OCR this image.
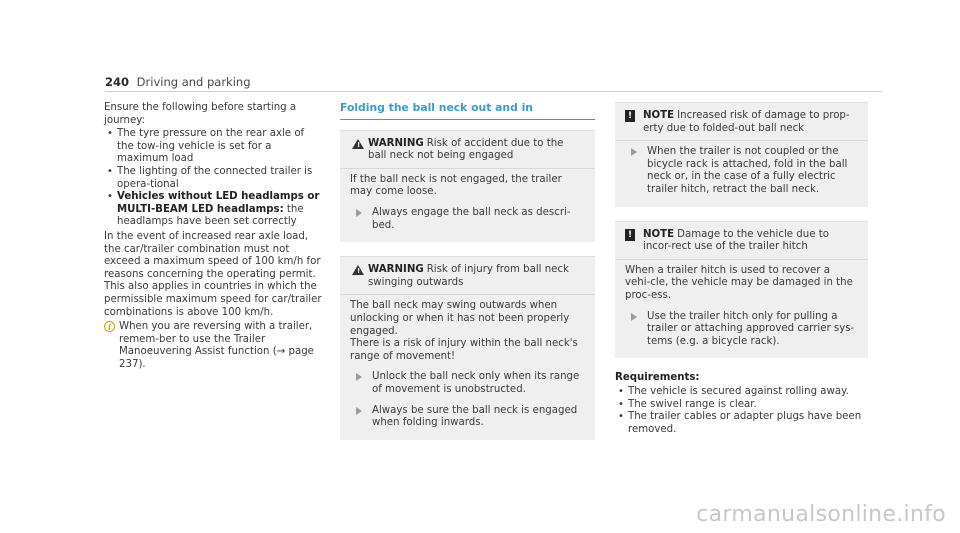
240 Driving and parking

Ensure the following before starting a journey:

• The tyre pressure on the rear axle of the tow-ing vehicle is set for a maximum load
• The lighting of the connected trailer is opera-tional
• Vehicles without LED headlamps or MULTI-BEAM LED headlamps: the headlamps have been set correctly

In the event of increased rear axle load, the car/trailer combination must not exceed a maximum speed of 100 km/h for reasons concerning the operating permit. This also applies in countries in which the permissible maximum speed for car/trailer combinations is above 100 km/h.

i When you are reversing with a trailer, remem-ber to use the Trailer Manoeuvering Assist function (→ page 237).
Folding the ball neck out and in
! WARNING Risk of accident due to the ball neck not being engaged

If the ball neck is not engaged, the trailer may come loose.

Always engage the ball neck as descri-bed.
! WARNING Risk of injury from ball neck swinging outwards

The ball neck may swing outwards when unlocking or when it has not been properly engaged.

There is a risk of injury within the ball neck's range of movement!

Unlock the ball neck only when its range of movement is unobstructed.
Always be sure the ball neck is engaged when folding inwards.
! NOTE Increased risk of damage to prop-erty due to folded-out ball neck
When the trailer is not coupled or the bicycle rack is attached, fold in the ball neck or, in the case of a fully electric trailer hitch, retract the ball neck.
! NOTE Damage to the vehicle due to incor-rect use of the trailer hitch

When a trailer hitch is used to recover a vehi-cle, the vehicle may be damaged in the proc-ess.

Use the trailer hitch only for pulling a trailer or attaching approved carrier sys-tems (e.g. a bicycle rack).
Requirements:
• The vehicle is secured against rolling away.
• The swivel range is clear.
• The trailer cables or adapter plugs have been removed.
carmanualsonline.info
